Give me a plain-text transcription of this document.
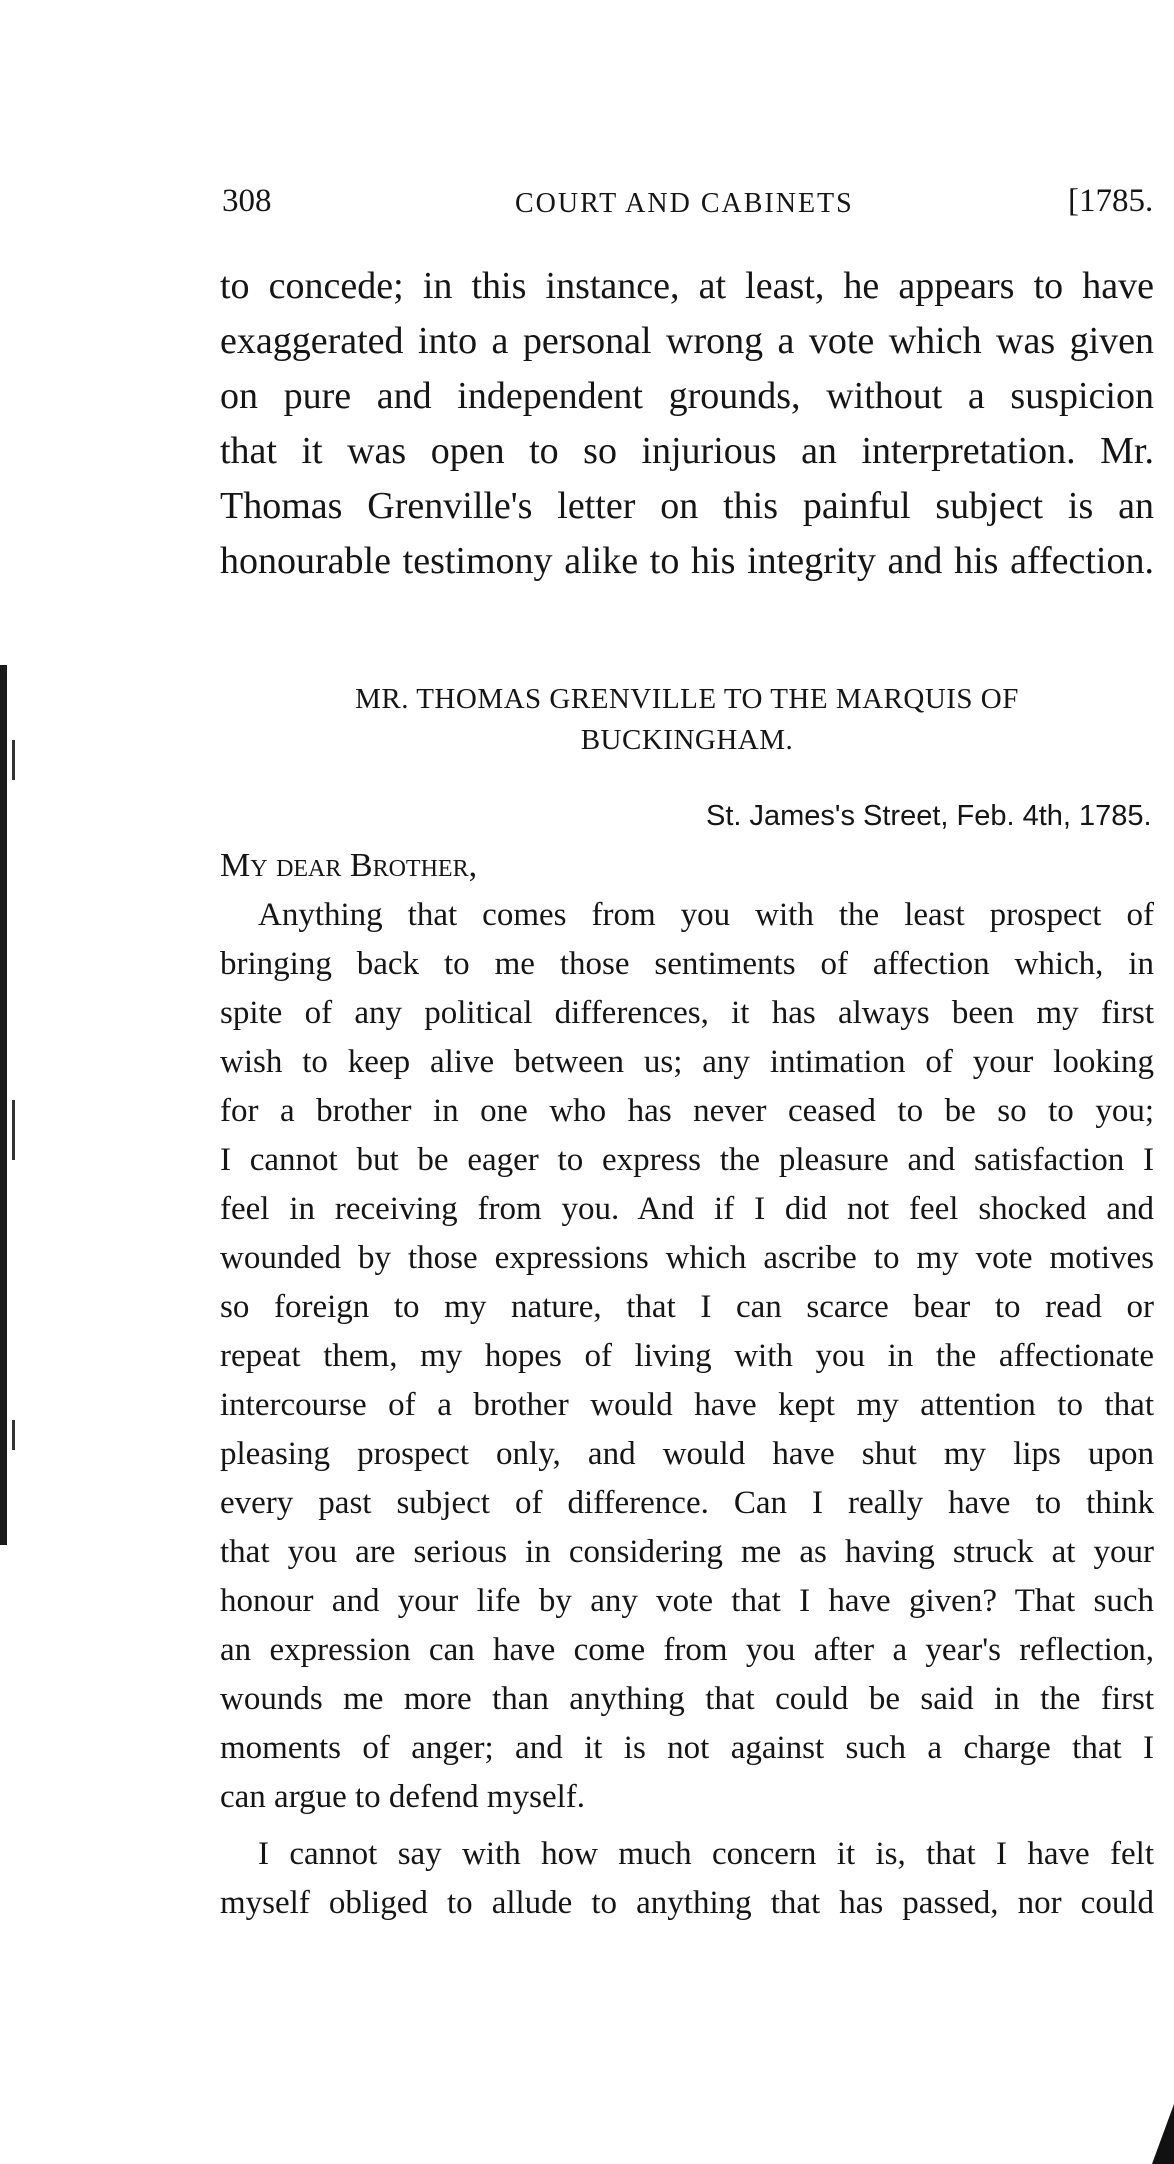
308	COURT AND CABINETS	[1785.
to concede; in this instance, at least, he appears to have
exaggerated into a personal wrong a vote which was given
on pure and independent grounds, without a suspicion
that it was open to so injurious an interpretation. Mr.
Thomas Grenville's letter on this painful subject is an
honourable testimony alike to his integrity and his affection.
MR. THOMAS GRENVILLE TO THE MARQUIS OF
BUCKINGHAM.
St. James's Street, Feb. 4th, 1785.
My dear Brother,
Anything that comes from you with the least prospect of
bringing back to me those sentiments of affection which, in
spite of any political differences, it has always been my first
wish to keep alive between us; any intimation of your looking
for a brother in one who has never ceased to be so to you;
I cannot but be eager to express the pleasure and satisfaction I
feel in receiving from you. And if I did not feel shocked and
wounded by those expressions which ascribe to my vote motives
so foreign to my nature, that I can scarce bear to read or
repeat them, my hopes of living with you in the affectionate
intercourse of a brother would have kept my attention to that
pleasing prospect only, and would have shut my lips upon
every past subject of difference. Can I really have to think
that you are serious in considering me as having struck at your
honour and your life by any vote that I have given? That such
an expression can have come from you after a year's reflection,
wounds me more than anything that could be said in the first
moments of anger; and it is not against such a charge that I
can argue to defend myself.
I cannot say with how much concern it is, that I have felt
myself obliged to allude to anything that has passed, nor could
